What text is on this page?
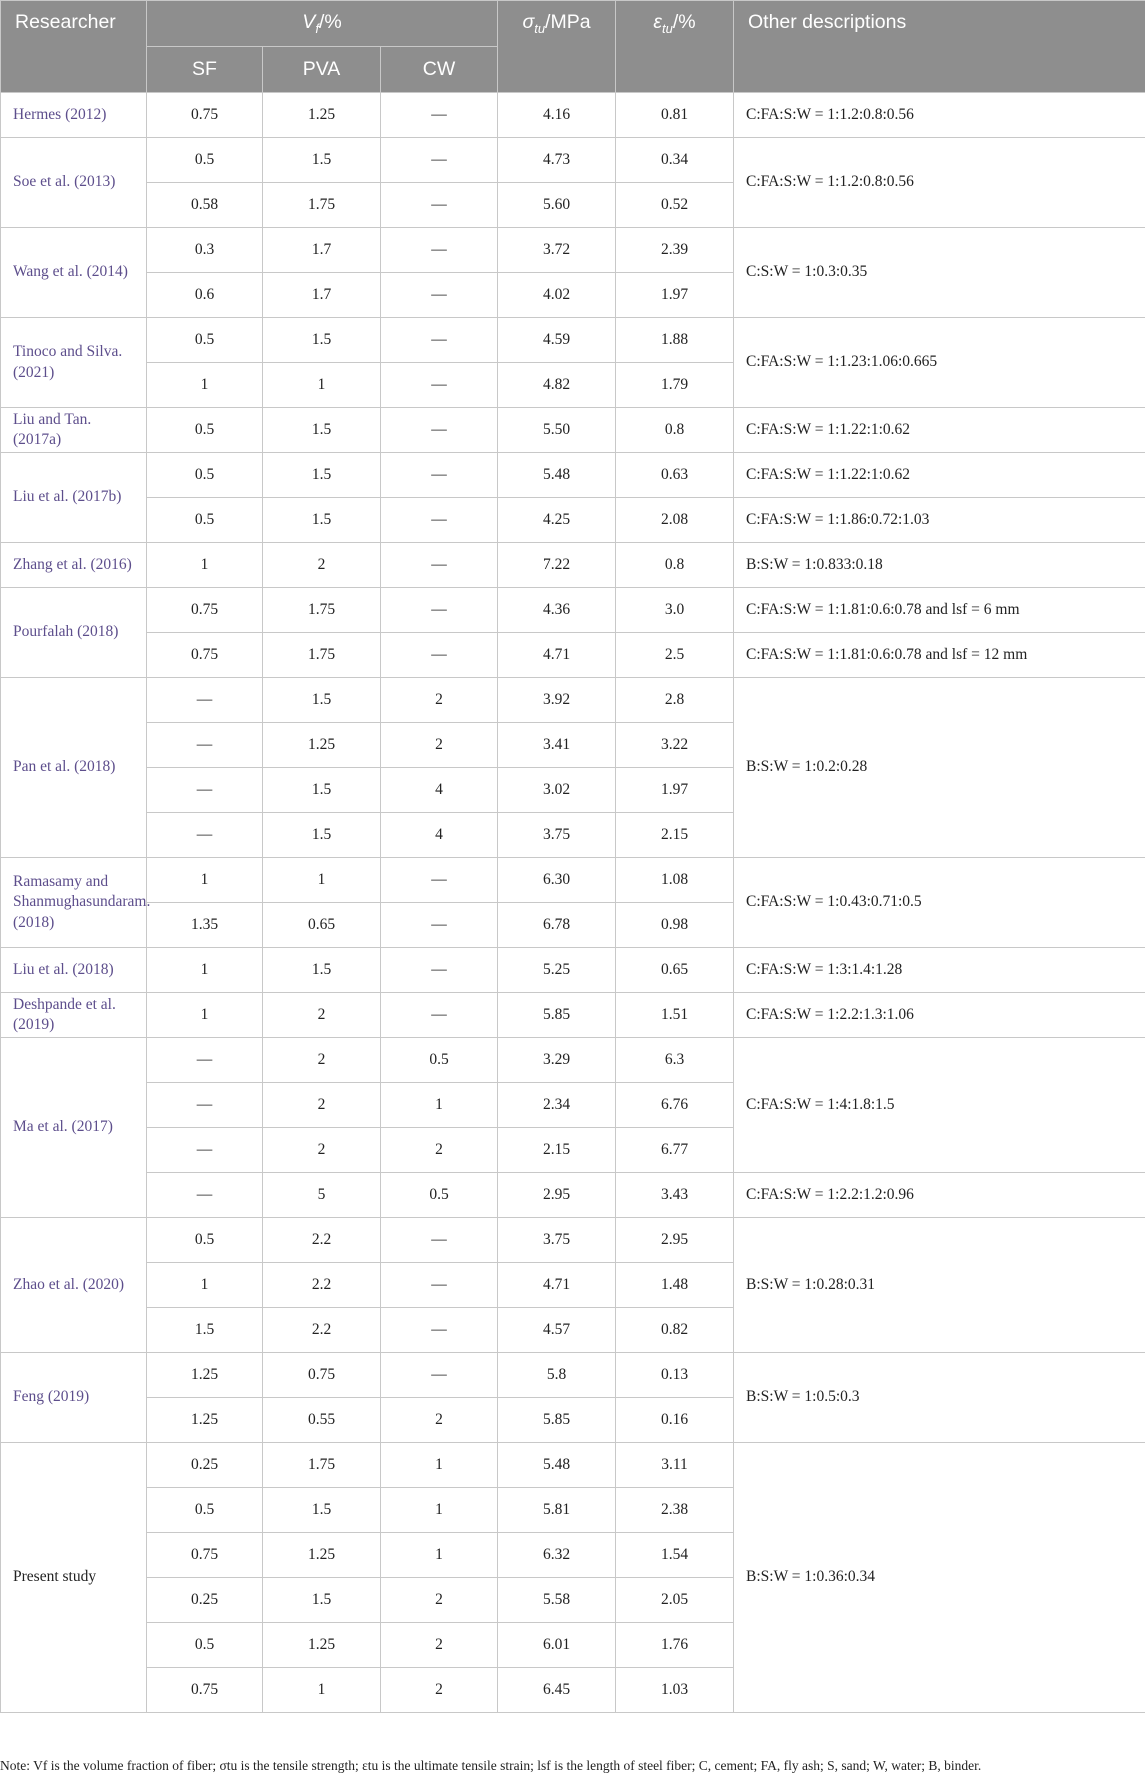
Researcher	$V_f/\%$			$\sigma_{tu}$/MPa	$\varepsilon_{tu}/\%$	Other descriptions
	SF	PVA	CW			
Hermes (2012)	0.75	1.25	—	4.16	0.81	C:FA:S:W = 1:1.2:0.8:0.56
Soe et al. (2013)	0.5	1.5	—	4.73	0.34	C:FA:S:W = 1:1.2:0.8:0.56
	0.58	1.75	—	5.60	0.52	
Wang et al. (2014)	0.3	1.7	—	3.72	2.39	C:S:W = 1:0.3:0.35
	0.6	1.7	—	4.02	1.97	
Tinoco and Silva. (2021)	0.5	1.5	—	4.59	1.88	C:FA:S:W = 1:1.23:1.06:0.665
	1	1	—	4.82	1.79	
Liu and Tan. (2017a)	0.5	1.5	—	5.50	0.8	C:FA:S:W = 1:1.22:1:0.62
Liu et al. (2017b)	0.5	1.5	—	5.48	0.63	C:FA:S:W = 1:1.22:1:0.62
	0.5	1.5	—	4.25	2.08	C:FA:S:W = 1:1.86:0.72:1.03
Zhang et al. (2016)	1	2	—	7.22	0.8	B:S:W = 1:0.833:0.18
Pourfalah (2018)	0.75	1.75	—	4.36	3.0	C:FA:S:W = 1:1.81:0.6:0.78 and lsf = 6 mm
	0.75	1.75	—	4.71	2.5	C:FA:S:W = 1:1.81:0.6:0.78 and lsf = 12 mm
Pan et al. (2018)	—	1.5	2	3.92	2.8	B:S:W = 1:0.2:0.28
	—	1.25	2	3.41	3.22	
	—	1.5	4	3.02	1.97	
	—	1.5	4	3.75	2.15	
Ramasamy and Shanmughasundaram. (2018)	1	1	—	6.30	1.08	C:FA:S:W = 1:0.43:0.71:0.5
	1.35	0.65	—	6.78	0.98	
Liu et al. (2018)	1	1.5	—	5.25	0.65	C:FA:S:W = 1:3:1.4:1.28
Deshpande et al. (2019)	1	2	—	5.85	1.51	C:FA:S:W = 1:2.2:1.3:1.06
Ma et al. (2017)	—	2	0.5	3.29	6.3	C:FA:S:W = 1:4:1.8:1.5
	—	2	1	2.34	6.76	
	—	2	2	2.15	6.77	
	—	5	0.5	2.95	3.43	C:FA:S:W = 1:2.2:1.2:0.96
Zhao et al. (2020)	0.5	2.2	—	3.75	2.95	B:S:W = 1:0.28:0.31
	1	2.2	—	4.71	1.48	
	1.5	2.2	—	4.57	0.82	
Feng (2019)	1.25	0.75	—	5.8	0.13	B:S:W = 1:0.5:0.3
	1.25	0.55	2	5.85	0.16	
Present study	0.25	1.75	1	5.48	3.11	B:S:W = 1:0.36:0.34
	0.5	1.5	1	5.81	2.38	
	0.75	1.25	1	6.32	1.54	
	0.25	1.5	2	5.58	2.05	
	0.5	1.25	2	6.01	1.76	
	0.75	1	2	6.45	1.03	
Note: Vf is the volume fraction of fiber; σtu is the tensile strength; εtu is the ultimate tensile strain; lsf is the length of steel fiber; C, cement; FA, fly ash; S, sand; W, water; B, binder.
